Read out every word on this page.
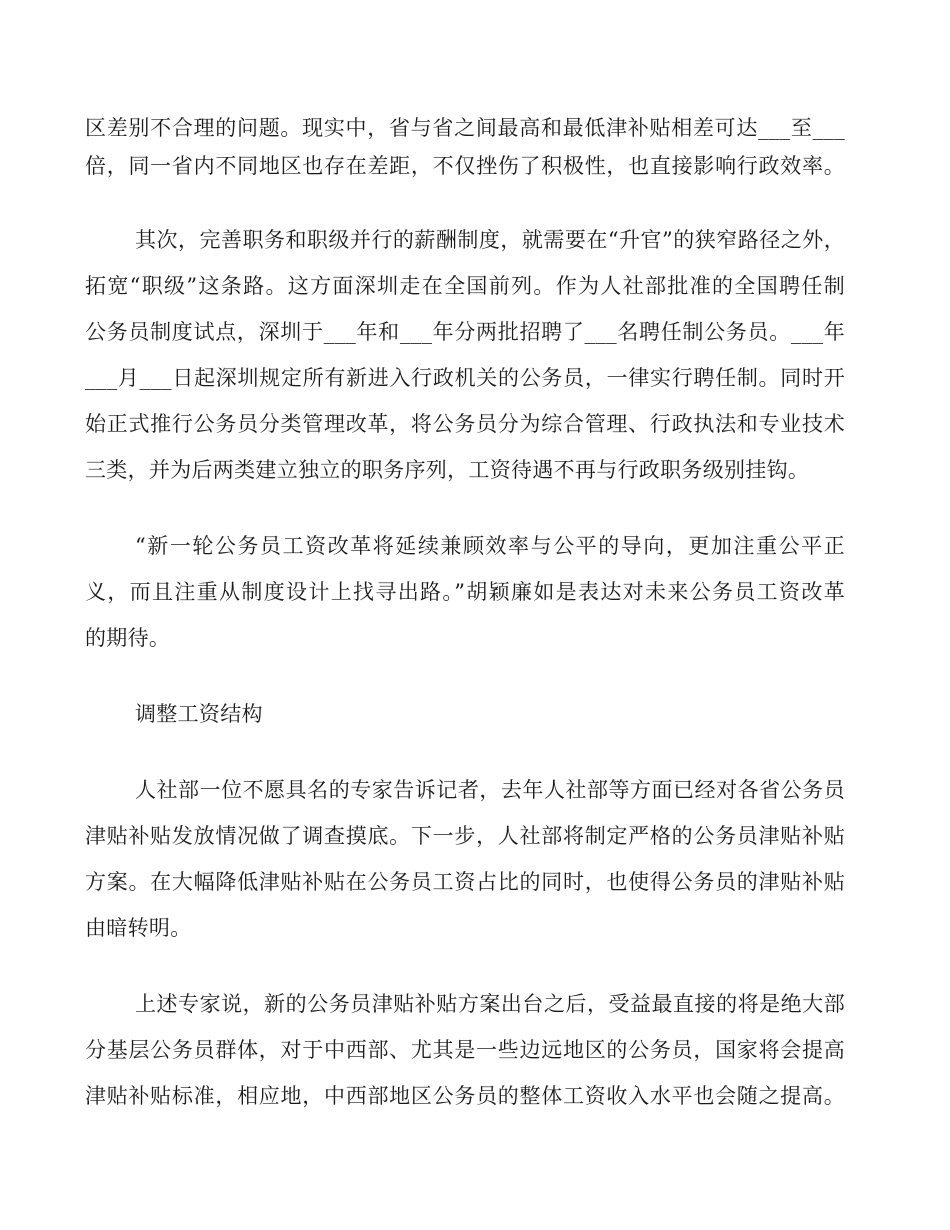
区差别不合理的问题。现实中，省与省之间最高和最低津补贴相差可达___至___
倍，同一省内不同地区也存在差距，不仅挫伤了积极性，也直接影响行政效率。
其次，完善职务和职级并行的薪酬制度，就需要在“升官”的狭窄路径之外，
拓宽“职级”这条路。这方面深圳走在全国前列。作为人社部批准的全国聘任制
公务员制度试点，深圳于___年和___年分两批招聘了___名聘任制公务员。___年
___月___日起深圳规定所有新进入行政机关的公务员，一律实行聘任制。同时开
始正式推行公务员分类管理改革，将公务员分为综合管理、行政执法和专业技术
三类，并为后两类建立独立的职务序列，工资待遇不再与行政职务级别挂钩。
“新一轮公务员工资改革将延续兼顾效率与公平的导向，更加注重公平正
义，而且注重从制度设计上找寻出路。”胡颖廉如是表达对未来公务员工资改革
的期待。
调整工资结构
人社部一位不愿具名的专家告诉记者，去年人社部等方面已经对各省公务员
津贴补贴发放情况做了调查摸底。下一步，人社部将制定严格的公务员津贴补贴
方案。在大幅降低津贴补贴在公务员工资占比的同时，也使得公务员的津贴补贴
由暗转明。
上述专家说，新的公务员津贴补贴方案出台之后，受益最直接的将是绝大部
分基层公务员群体，对于中西部、尤其是一些边远地区的公务员，国家将会提高
津贴补贴标准，相应地，中西部地区公务员的整体工资收入水平也会随之提高。
